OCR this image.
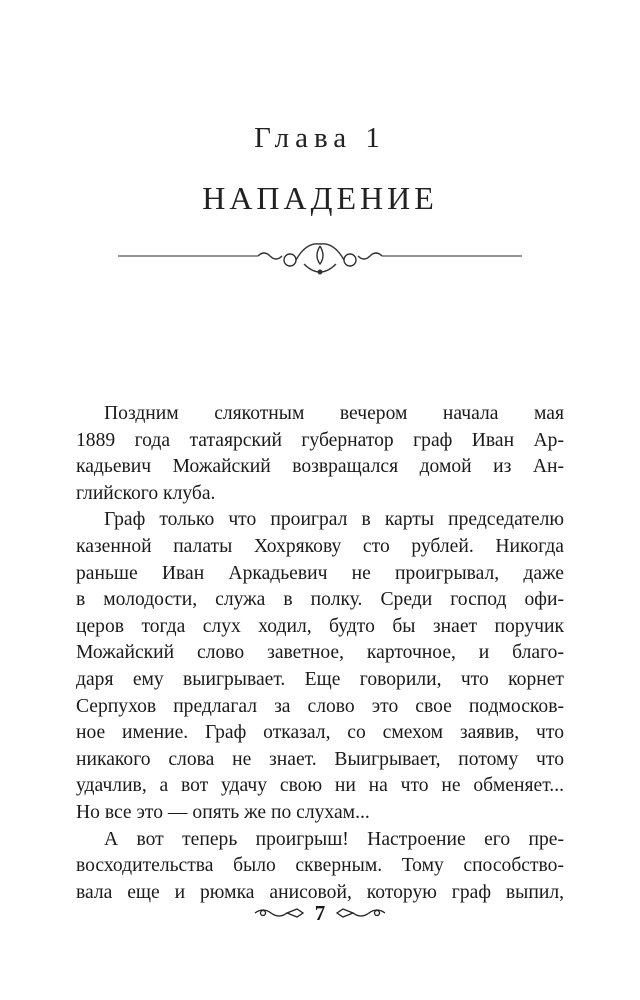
Глава 1
НАПАДЕНИЕ
Поздним слякотным вечером начала мая
1889 года татаярский губернатор граф Иван Ар-
кадьевич Можайский возвращался домой из Ан-
глийского клуба.
Граф только что проиграл в карты председателю
казенной палаты Хохрякову сто рублей. Никогда
раньше Иван Аркадьевич не проигрывал, даже
в молодости, служа в полку. Среди господ офи-
церов тогда слух ходил, будто бы знает поручик
Можайский слово заветное, карточное, и благо-
даря ему выигрывает. Еще говорили, что корнет
Серпухов предлагал за слово это свое подмосков-
ное имение. Граф отказал, со смехом заявив, что
никакого слова не знает. Выигрывает, потому что
удачлив, а вот удачу свою ни на что не обменяет...
Но все это — опять же по слухам...
А вот теперь проигрыш! Настроение его пре-
восходительства было скверным. Тому способство-
вала еще и рюмка анисовой, которую граф выпил,
7
